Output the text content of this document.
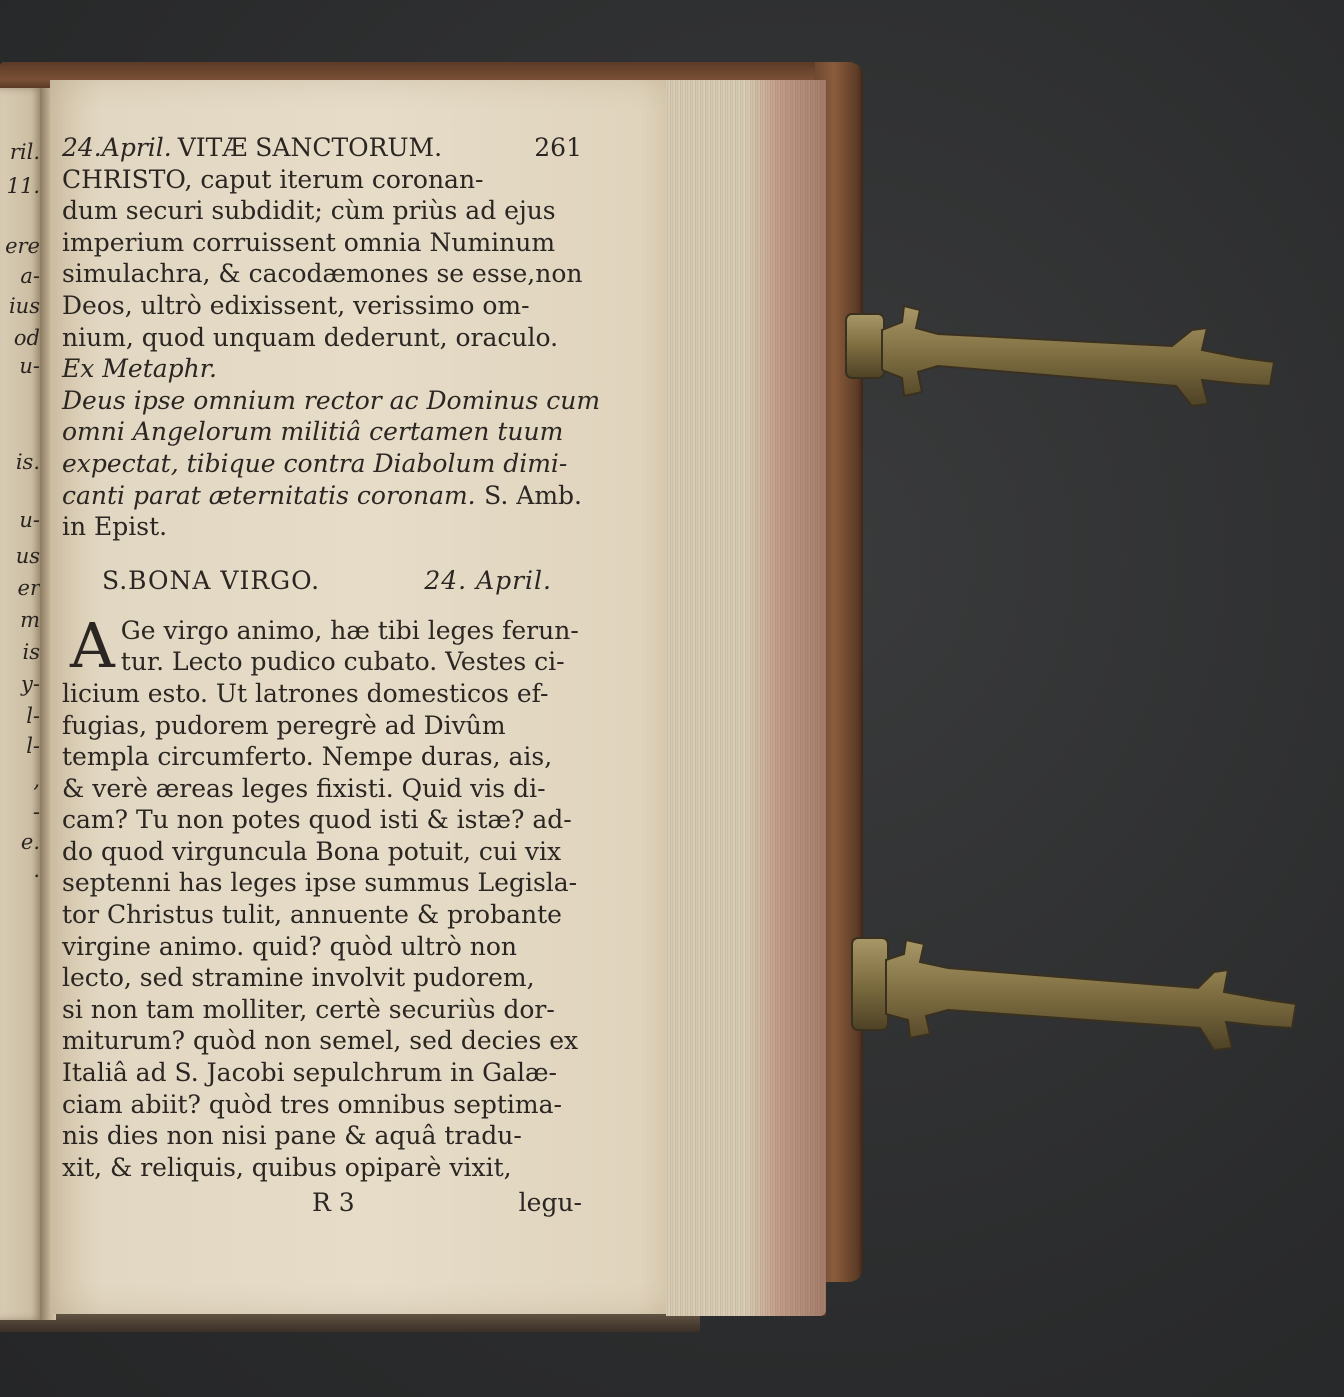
ril.
11.
ere
a-
ius
od
u-
is.
u-
us
er
m
is
y-
l-
l-
,
-
e.
.
24.April. VITÆ SANCTORUM.	261
CHRISTO, caput iterum coronan-
dum securi subdidit; cùm priùs ad ejus
imperium corruissent omnia Numinum
simulachra, & cacodæmones se esse,non
Deos, ultrò edixissent, verissimo om-
nium, quod unquam dederunt, oraculo.
Ex Metaphr.
Deus ipse omnium rector ac Dominus cum
omni Angelorum militiâ certamen tuum
expectat, tibique contra Diabolum dimi-
canti parat æternitatis coronam. S. Amb.
in Epist.
S.BONA VIRGO.	24. April.
A Ge virgo animo, hæ tibi leges ferun-
tur. Lecto pudico cubato. Vestes ci-
licium esto. Ut latrones domesticos ef-
fugias, pudorem peregrè ad Divûm
templa circumferto. Nempe duras, ais,
& verè æreas leges fixisti. Quid vis di-
cam? Tu non potes quod isti & istæ? ad-
do quod virguncula Bona potuit, cui vix
septenni has leges ipse summus Legisla-
tor Christus tulit, annuente & probante
virgine animo. quid? quòd ultrò non
lecto, sed stramine involvit pudorem,
si non tam molliter, certè securiùs dor-
miturum? quòd non semel, sed decies ex
Italiâ ad S. Jacobi sepulchrum in Galæ-
ciam abiit? quòd tres omnibus septima-
nis dies non nisi pane & aquâ tradu-
xit, & reliquis, quibus opiparè vixit,
R 3	legu-
